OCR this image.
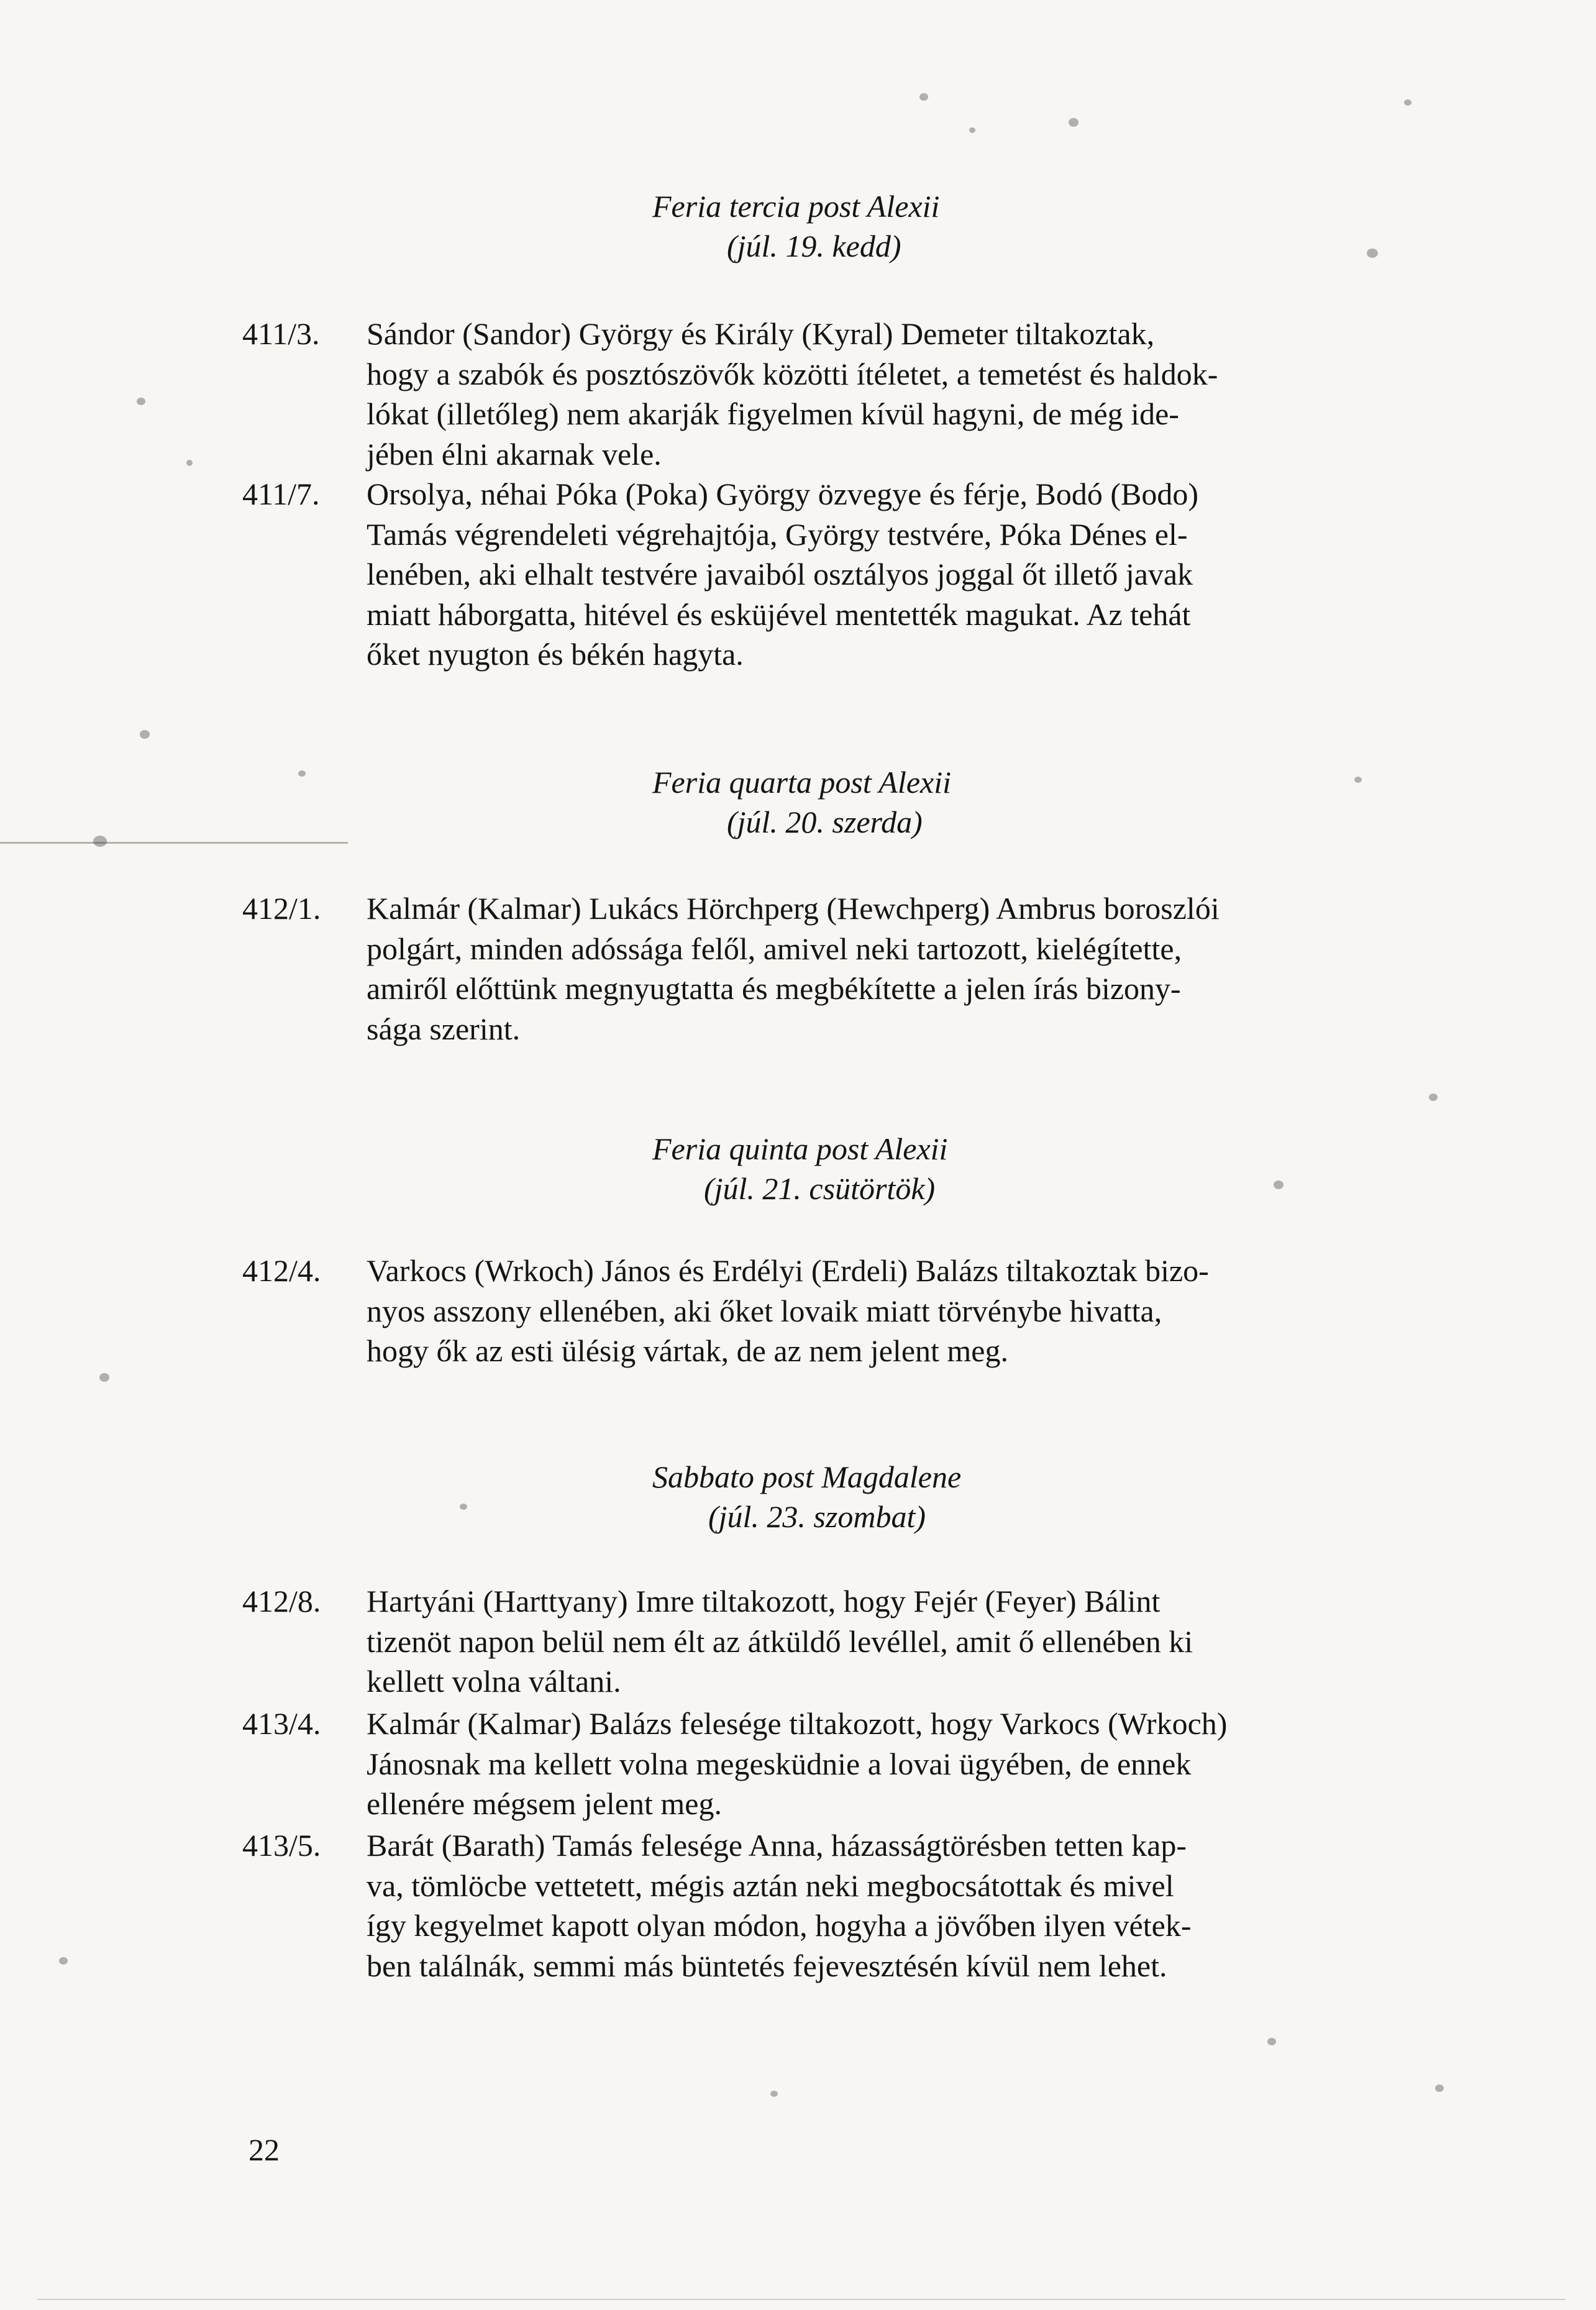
Feria tercia post Alexii
(júl. 19. kedd)
411/3. Sándor (Sandor) György és Király (Kyral) Demeter tiltakoztak,
hogy a szabók és posztószövők közötti ítéletet, a temetést és haldok-
lókat (illetőleg) nem akarják figyelmen kívül hagyni, de még ide-
jében élni akarnak vele.
411/7. Orsolya, néhai Póka (Poka) György özvegye és férje, Bodó (Bodo)
Tamás végrendeleti végrehajtója, György testvére, Póka Dénes el-
lenében, aki elhalt testvére javaiból osztályos joggal őt illető javak
miatt háborgatta, hitével és esküjével mentették magukat. Az tehát
őket nyugton és békén hagyta.
Feria quarta post Alexii
(júl. 20. szerda)
412/1. Kalmár (Kalmar) Lukács Hörchperg (Hewchperg) Ambrus boroszlói
polgárt, minden adóssága felől, amivel neki tartozott, kielégítette,
amiről előttünk megnyugtatta és megbékítette a jelen írás bizony-
sága szerint.
Feria quinta post Alexii
(júl. 21. csütörtök)
412/4. Varkocs (Wrkoch) János és Erdélyi (Erdeli) Balázs tiltakoztak bizo-
nyos asszony ellenében, aki őket lovaik miatt törvénybe hivatta,
hogy ők az esti ülésig vártak, de az nem jelent meg.
Sabbato post Magdalene
(júl. 23. szombat)
412/8. Hartyáni (Harttyany) Imre tiltakozott, hogy Fejér (Feyer) Bálint
tizenöt napon belül nem élt az átküldő levéllel, amit ő ellenében ki
kellett volna váltani.
413/4. Kalmár (Kalmar) Balázs felesége tiltakozott, hogy Varkocs (Wrkoch)
Jánosnak ma kellett volna megesküdnie a lovai ügyében, de ennek
ellenére mégsem jelent meg.
413/5. Barát (Barath) Tamás felesége Anna, házasságtörésben tetten kap-
va, tömlöcbe vettetett, mégis aztán neki megbocsátottak és mivel
így kegyelmet kapott olyan módon, hogyha a jövőben ilyen vétek-
ben találnák, semmi más büntetés fejevesztésén kívül nem lehet.
22
